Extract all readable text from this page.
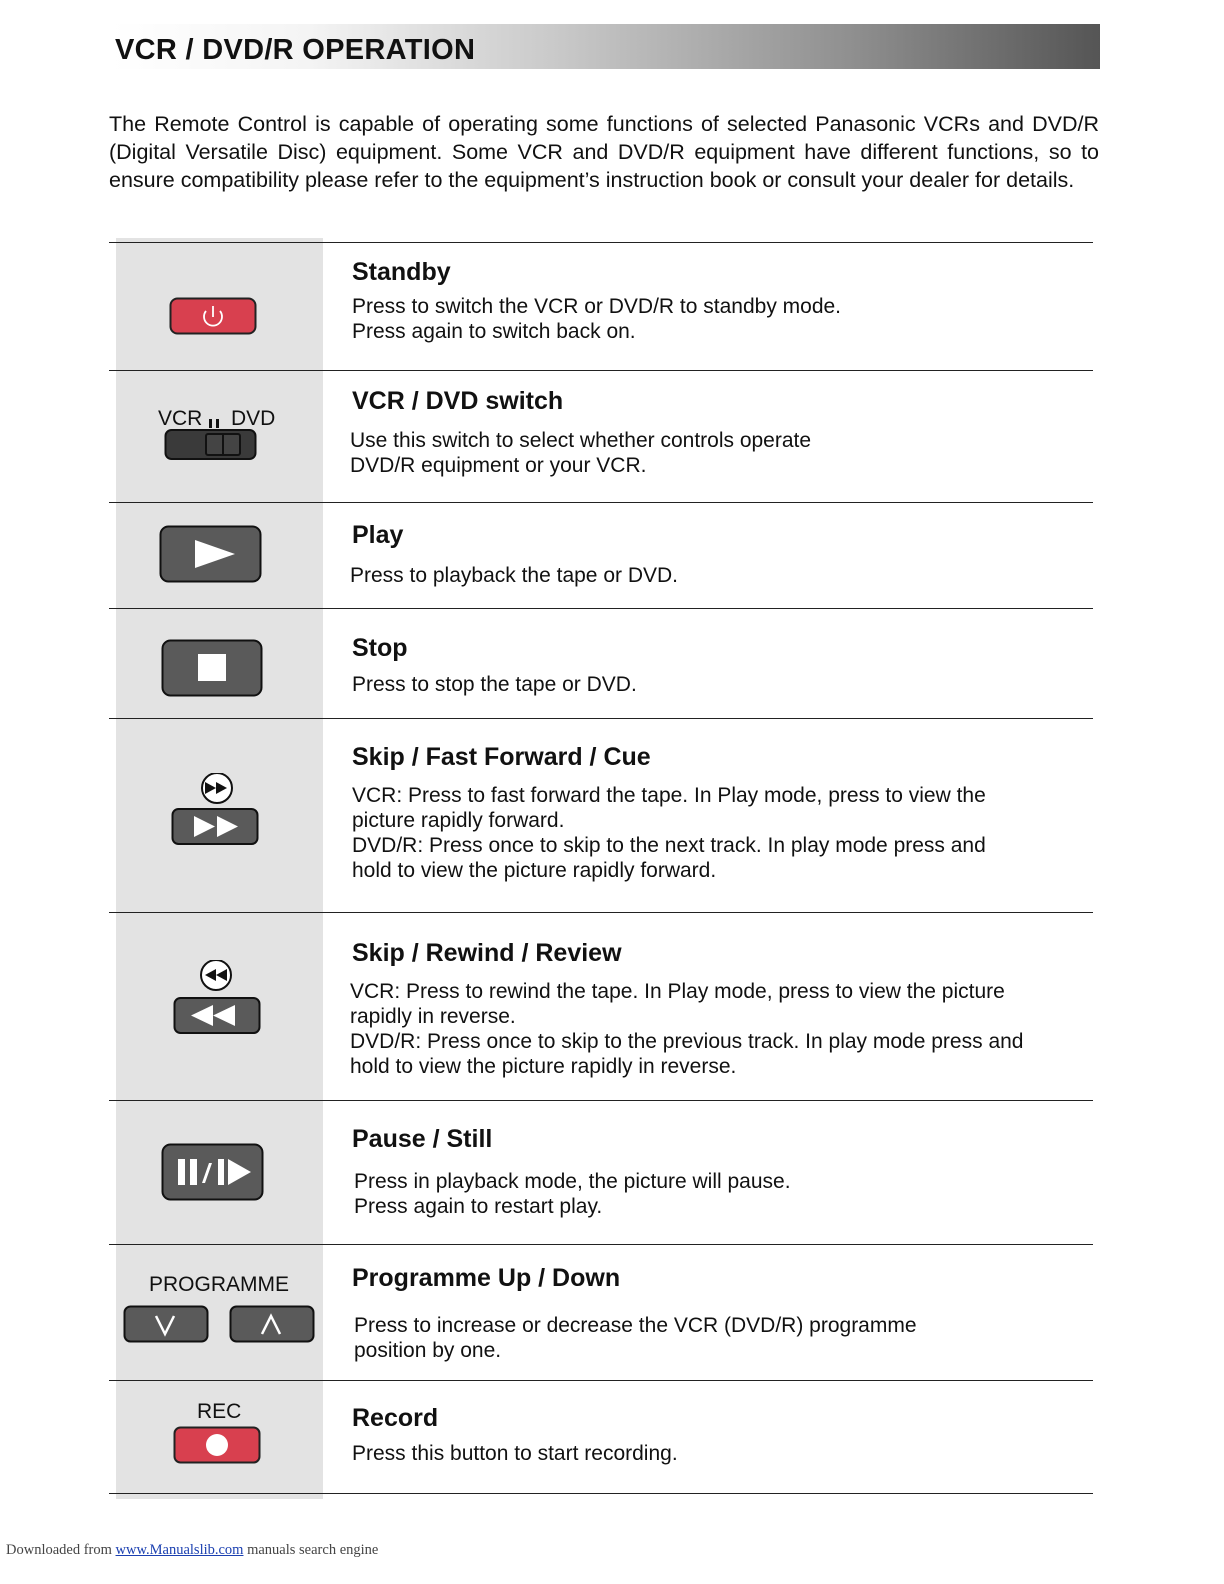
VCR / DVD/R OPERATION
The Remote Control is capable of operating some functions of selected Panasonic VCRs and DVD/R (Digital Versatile Disc) equipment. Some VCR and DVD/R equipment have different functions, so to ensure compatibility please refer to the equipment’s instruction book or consult your dealer for details.
Standby
Press to switch the VCR or DVD/R to standby mode.
Press again to switch back on.
VCR / DVD switch
Use this switch to select whether controls operate
DVD/R equipment or your VCR.
VCR DVD
Play
Press to playback the tape or DVD.
Stop
Press to stop the tape or DVD.
Skip / Fast Forward / Cue
VCR: Press to fast forward the tape. In Play mode, press to view the
picture rapidly forward.
DVD/R: Press once to skip to the next track. In play mode press and
hold to view the picture rapidly forward.
Skip / Rewind / Review
VCR: Press to rewind the tape. In Play mode, press to view the picture
rapidly in reverse.
DVD/R: Press once to skip to the previous track. In play mode press and
hold to view the picture rapidly in reverse.
Pause / Still
Press in playback mode, the picture will pause.
Press again to restart play.
Programme Up / Down
Press to increase or decrease the VCR (DVD/R) programme
position by one.
PROGRAMME
Record
Press this button to start recording.
REC
Downloaded from www.Manualslib.com manuals search engine
